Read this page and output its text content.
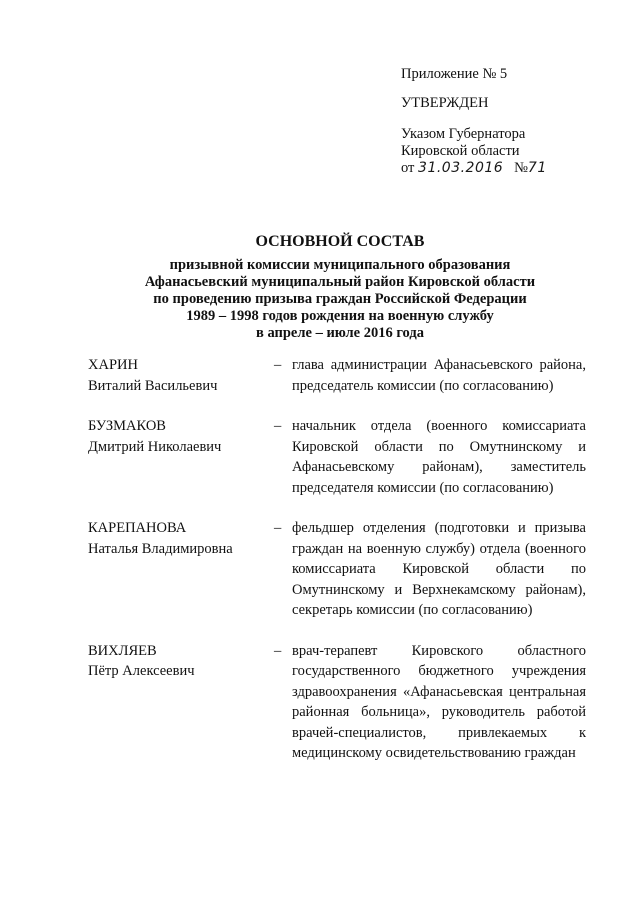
Приложение № 5
УТВЕРЖДЕН
Указом Губернатора
Кировской области
от 31.03.2016 №71
ОСНОВНОЙ СОСТАВ
призывной комиссии муниципального образования
Афанасьевский муниципальный район Кировской области
по проведению призыва граждан Российской Федерации
1989 – 1998 годов рождения на военную службу
в апреле – июле 2016 года
ХАРИН
Виталий Васильевич
– глава администрации Афанасьевского района, председатель комиссии (по согласованию)
БУЗМАКОВ
Дмитрий Николаевич
– начальник отдела (военного комиссариата Кировской области по Омутнинскому и Афанасьевскому районам), заместитель председателя комиссии (по согласованию)
КАРЕПАНОВА
Наталья Владимировна
– фельдшер отделения (подготовки и призыва граждан на военную службу) отдела (военного комиссариата Кировской области по Омутнинскому и Верхнекамскому районам), секретарь комиссии (по согласованию)
ВИХЛЯЕВ
Пётр Алексеевич
– врач-терапевт Кировского областного государственного бюджетного учреждения здравоохранения «Афанасьевская центральная районная больница», руководитель работой врачей-специалистов, привлекаемых к медицинскому освидетельствованию граждан
